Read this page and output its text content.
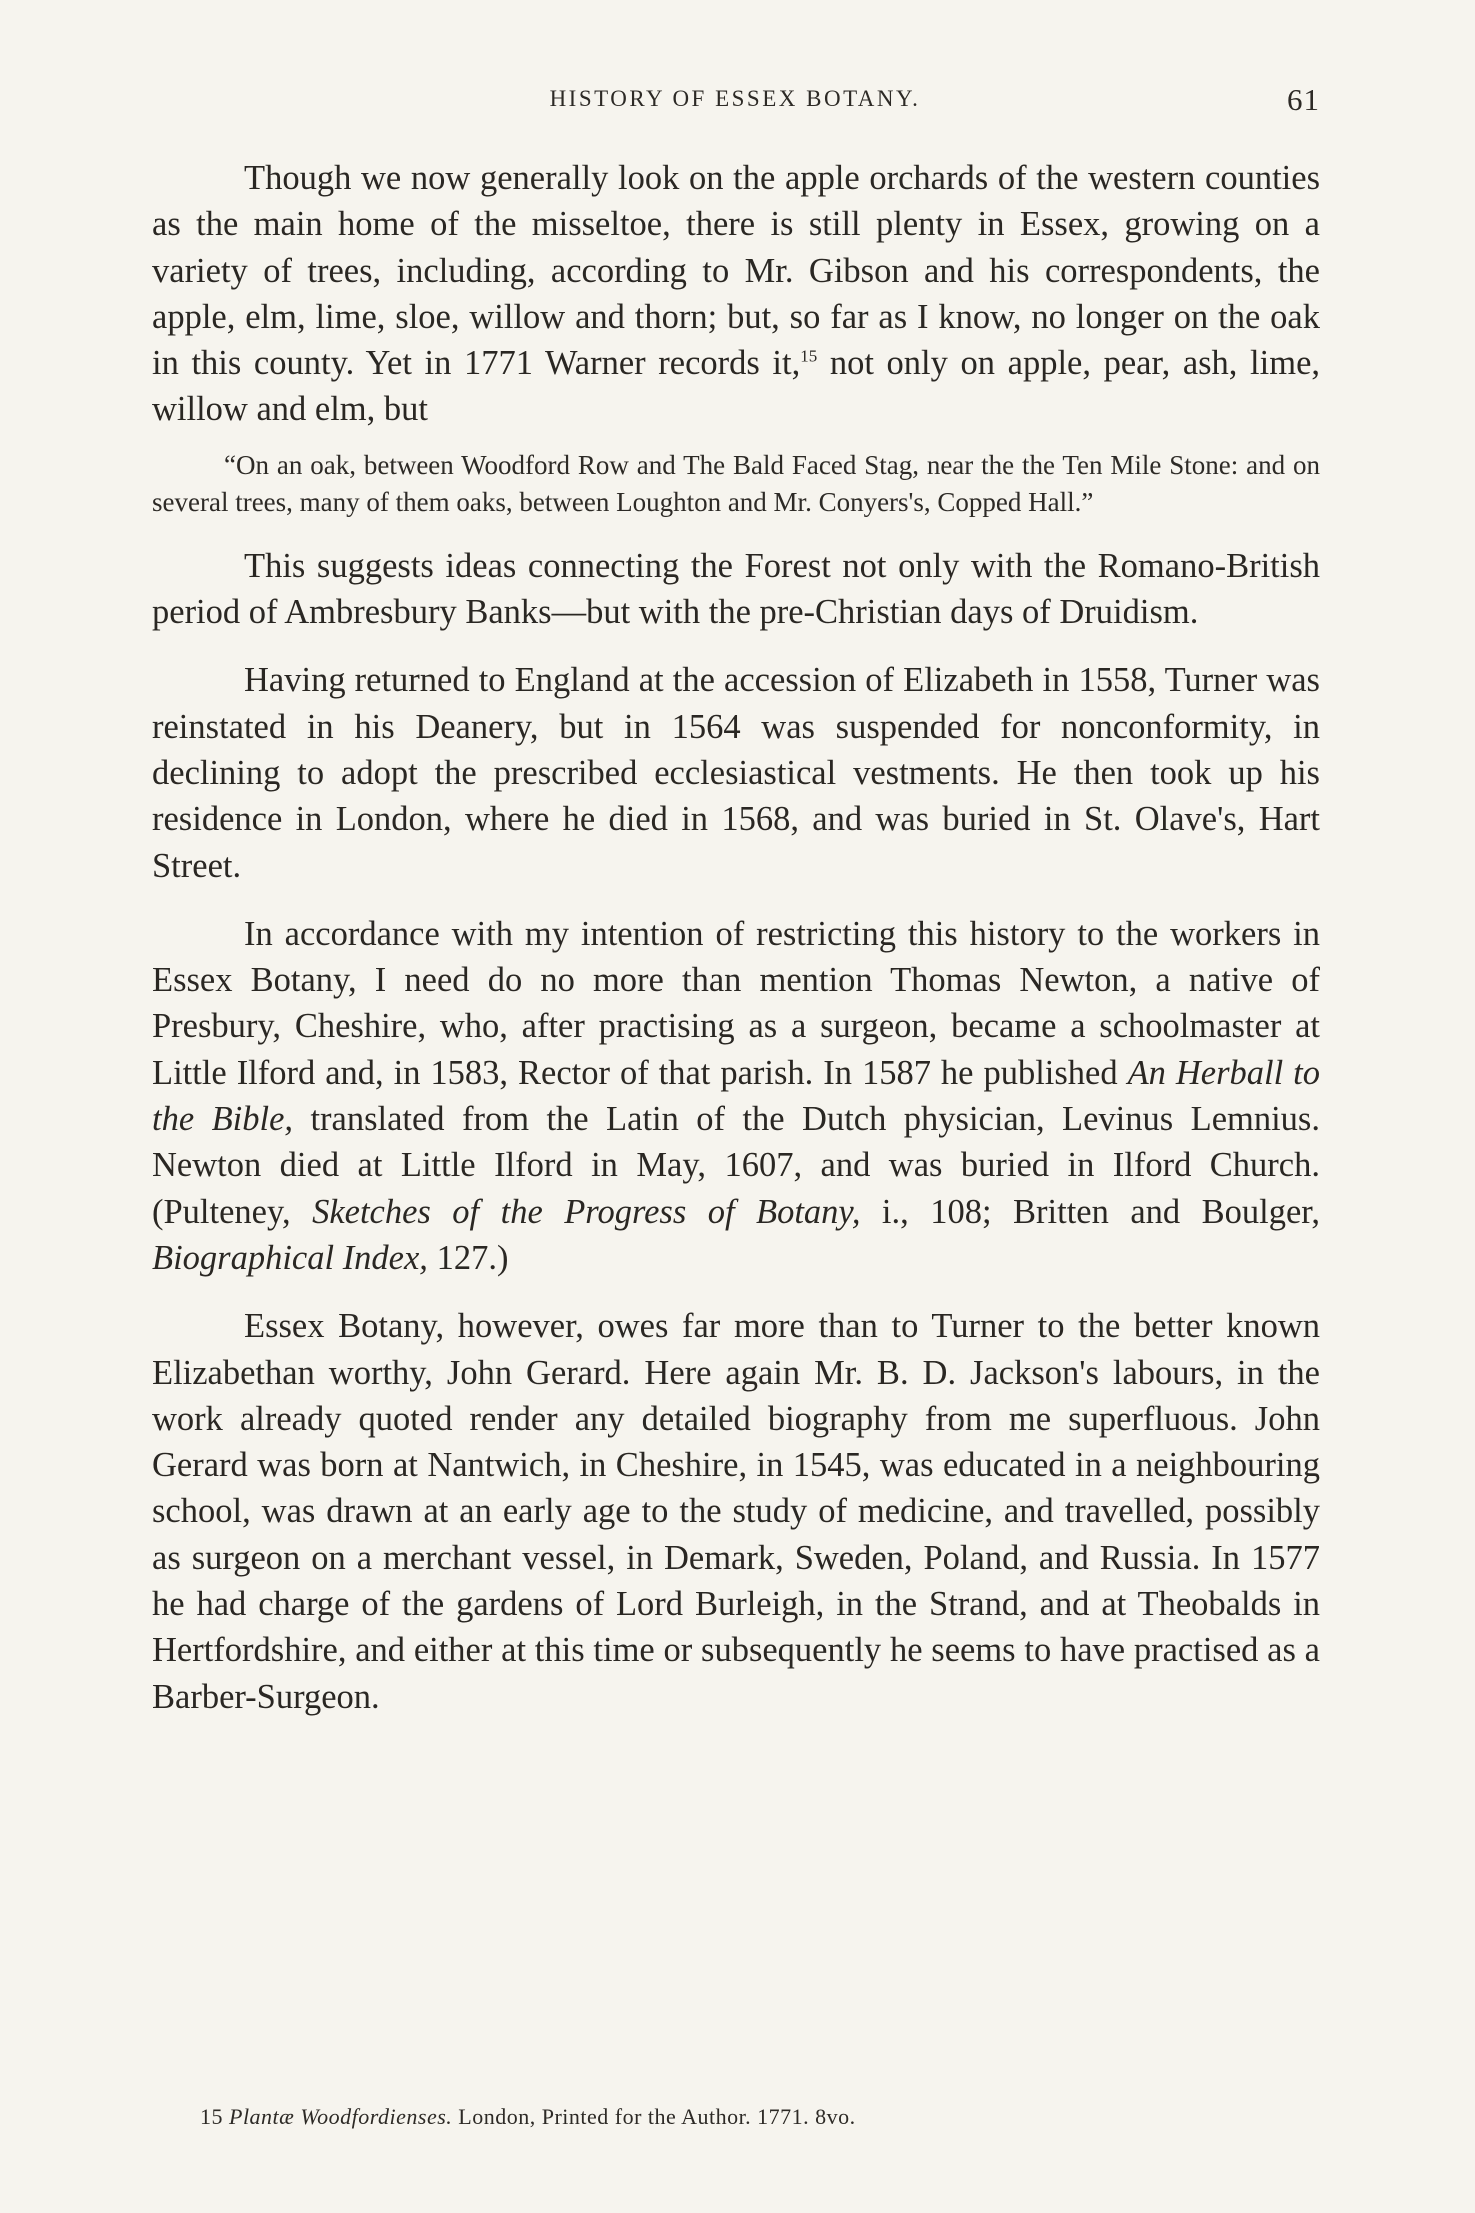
HISTORY OF ESSEX BOTANY.	61

Though we now generally look on the apple orchards of the western counties as the main home of the misseltoe, there is still plenty in Essex, growing on a variety of trees, including, according to Mr. Gibson and his correspondents, the apple, elm, lime, sloe, willow and thorn; but, so far as I know, no longer on the oak in this county. Yet in 1771 Warner records it,$^{15}$ not only on apple, pear, ash, lime, willow and elm, but

“On an oak, between Woodford Row and The Bald Faced Stag, near the the Ten Mile Stone: and on several trees, many of them oaks, between Loughton and Mr. Conyers's, Copped Hall.”

This suggests ideas connecting the Forest not only with the Romano-British period of Ambresbury Banks—but with the pre-Christian days of Druidism.

Having returned to England at the accession of Elizabeth in 1558, Turner was reinstated in his Deanery, but in 1564 was suspended for nonconformity, in declining to adopt the prescribed ecclesiastical vestments. He then took up his residence in London, where he died in 1568, and was buried in St. Olave's, Hart Street.

In accordance with my intention of restricting this history to the workers in Essex Botany, I need do no more than mention Thomas Newton, a native of Presbury, Cheshire, who, after practising as a surgeon, became a schoolmaster at Little Ilford and, in 1583, Rector of that parish. In 1587 he published An Herball to the Bible, translated from the Latin of the Dutch physician, Levinus Lemnius. Newton died at Little Ilford in May, 1607, and was buried in Ilford Church. (Pulteney, Sketches of the Progress of Botany, i., 108; Britten and Boulger, Biographical Index, 127.)

Essex Botany, however, owes far more than to Turner to the better known Elizabethan worthy, John Gerard. Here again Mr. B. D. Jackson's labours, in the work already quoted render any detailed biography from me superfluous. John Gerard was born at Nantwich, in Cheshire, in 1545, was educated in a neighbouring school, was drawn at an early age to the study of medicine, and travelled, possibly as surgeon on a merchant vessel, in Demark, Sweden, Poland, and Russia. In 1577 he had charge of the gardens of Lord Burleigh, in the Strand, and at Theobalds in Hertfordshire, and either at this time or subsequently he seems to have practised as a Barber-Surgeon.

15 Plantæ Woodfordienses. London, Printed for the Author. 1771. 8vo.
